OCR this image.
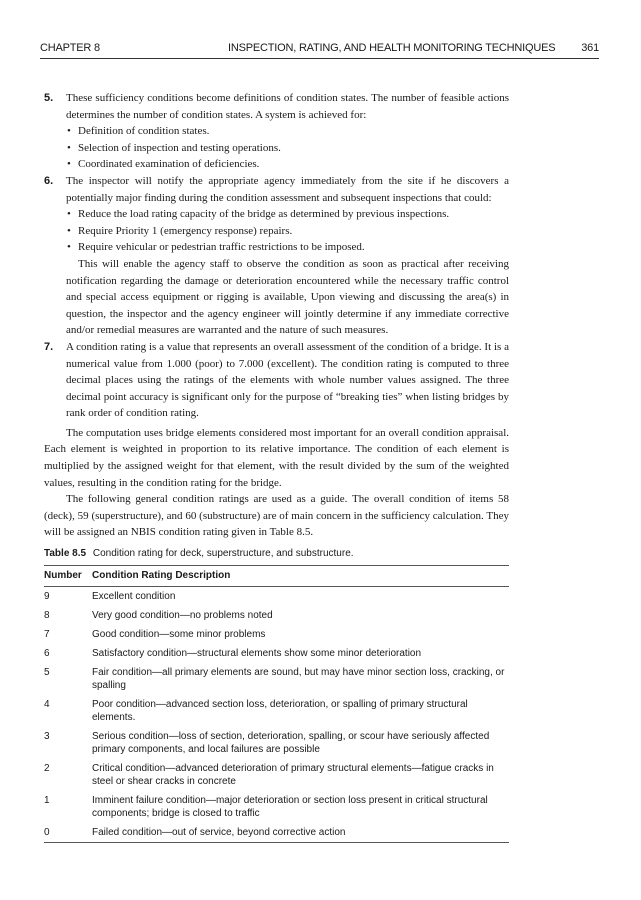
CHAPTER 8	INSPECTION, RATING, AND HEALTH MONITORING TECHNIQUES 361
5. These sufficiency conditions become definitions of condition states. The number of feasible actions determines the number of condition states. A system is achieved for:
• Definition of condition states.
• Selection of inspection and testing operations.
• Coordinated examination of deficiencies.
6. The inspector will notify the appropriate agency immediately from the site if he discovers a potentially major finding during the condition assessment and subsequent inspections that could:
• Reduce the load rating capacity of the bridge as determined by previous inspections.
• Require Priority 1 (emergency response) repairs.
• Require vehicular or pedestrian traffic restrictions to be imposed.
This will enable the agency staff to observe the condition as soon as practical after receiving notification regarding the damage or deterioration encountered while the necessary traffic control and special access equipment or rigging is available, Upon viewing and discussing the area(s) in question, the inspector and the agency engineer will jointly determine if any immediate corrective and/or remedial measures are warranted and the nature of such measures.
7. A condition rating is a value that represents an overall assessment of the condition of a bridge. It is a numerical value from 1.000 (poor) to 7.000 (excellent). The condition rating is computed to three decimal places using the ratings of the elements with whole number values assigned. The three decimal point accuracy is significant only for the purpose of “breaking ties” when listing bridges by rank order of condition rating.

The computation uses bridge elements considered most important for an overall condition appraisal. Each element is weighted in proportion to its relative importance. The condition of each element is multiplied by the assigned weight for that element, with the result divided by the sum of the weighted values, resulting in the condition rating for the bridge.

The following general condition ratings are used as a guide. The overall condition of items 58 (deck), 59 (superstructure), and 60 (substructure) are of main concern in the sufficiency calculation. They will be assigned an NBIS condition rating given in Table 8.5.

Table 8.5 Condition rating for deck, superstructure, and substructure.
Number	Condition Rating Description
9	Excellent condition
8	Very good condition—no problems noted
7	Good condition—some minor problems
6	Satisfactory condition—structural elements show some minor deterioration
5	Fair condition—all primary elements are sound, but may have minor section loss, cracking, or spalling
4	Poor condition—advanced section loss, deterioration, or spalling of primary structural elements.
3	Serious condition—loss of section, deterioration, spalling, or scour have seriously affected primary components, and local failures are possible
2	Critical condition—advanced deterioration of primary structural elements—fatigue cracks in steel or shear cracks in concrete
1	Imminent failure condition—major deterioration or section loss present in critical structural components; bridge is closed to traffic
0	Failed condition—out of service, beyond corrective action
